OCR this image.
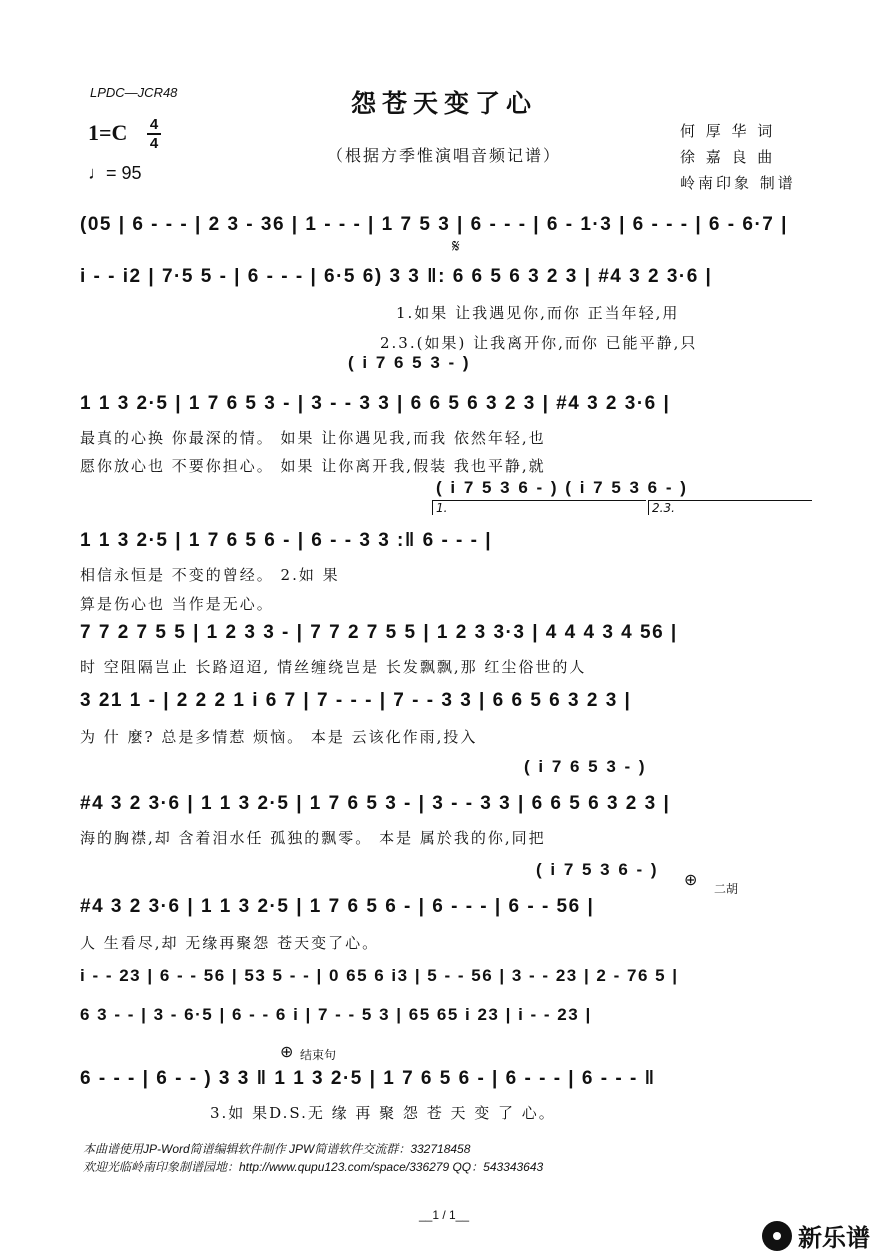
LPDC—JCR48	怨苍天变了心
（根据方季惟演唱音频记谱）
1=C 4
4
♩= 95
何 厚 华 词
徐 嘉 良 曲
岭南印象 制谱
(05 | 6 - - - | 2 3 - 36 | 1 - - - | 1 7 5 3 | 6 - - - | 6 - 1·3 | 6 - - - | 6 - 6·7 |
𝄋
i - - i2 | 7·5 5 - | 6 - - - | 6·5 6) 3 3 ‖: 6 6 5 6 3 2 3 | #4 3 2 3·6 |
1.如果 让我遇见你,而你 正当年轻,用
2.3.(如果) 让我离开你,而你 已能平静,只
( i 7 6 5 3 - )
1 1 3 2·5 | 1 7 6 5 3 - | 3 - - 3 3 | 6 6 5 6 3 2 3 | #4 3 2 3·6 |
最真的心换 你最深的情。 如果 让你遇见我,而我 依然年轻,也
愿你放心也 不要你担心。 如果 让你离开我,假装 我也平静,就
( i 7 5 3 6 - ) ( i 7 5 3 6 - )
1.	2.3.
1 1 3 2·5 | 1 7 6 5 6 - | 6 - - 3 3 :‖ 6 - - - |
相信永恒是 不变的曾经。 2.如 果
算是伤心也 当作是无心。
7 7 2 7 5 5 | 1 2 3 3 - | 7 7 2 7 5 5 | 1 2 3 3·3 | 4 4 4 3 4 56 |
时 空阻隔岂止 长路迢迢, 情丝缠绕岂是 长发飘飘,那 红尘俗世的人
3 21 1 - | 2 2 2 1 i 6 7 | 7 - - - | 7 - - 3 3 | 6 6 5 6 3 2 3 |
为 什 麼? 总是多情惹 烦恼。 本是 云该化作雨,投入
( i 7 6 5 3 - )
#4 3 2 3·6 | 1 1 3 2·5 | 1 7 6 5 3 - | 3 - - 3 3 | 6 6 5 6 3 2 3 |
海的胸襟,却 含着泪水任 孤独的飘零。 本是 属於我的你,同把
( i 7 5 3 6 - )
⊕ 二胡
#4 3 2 3·6 | 1 1 3 2·5 | 1 7 6 5 6 - | 6 - - - | 6 - - 56 |
人 生看尽,却 无缘再聚怨 苍天变了心。
i - - 23 | 6 - - 56 | 53 5 - - | 0 65 6 i3 | 5 - - 56 | 3 - - 23 | 2 - 76 5 |
6 3 - - | 3 - 6·5 | 6 - - 6 i | 7 - - 5 3 | 65 65 i 23 | i - - 23 |
⊕ 结束句
6 - - - | 6 - - ) 3 3 ‖ 1 1 3 2·5 | 1 7 6 5 6 - | 6 - - - | 6 - - - ‖
3.如 果D.S.无 缘 再 聚 怨 苍 天 变 了 心。
本曲谱使用JP-Word简谱编辑软件制作 JPW简谱软件交流群：332718458
欢迎光临岭南印象制谱园地：http://www.qupu123.com/space/336279 QQ：543343643
__1 / 1__
新乐谱
